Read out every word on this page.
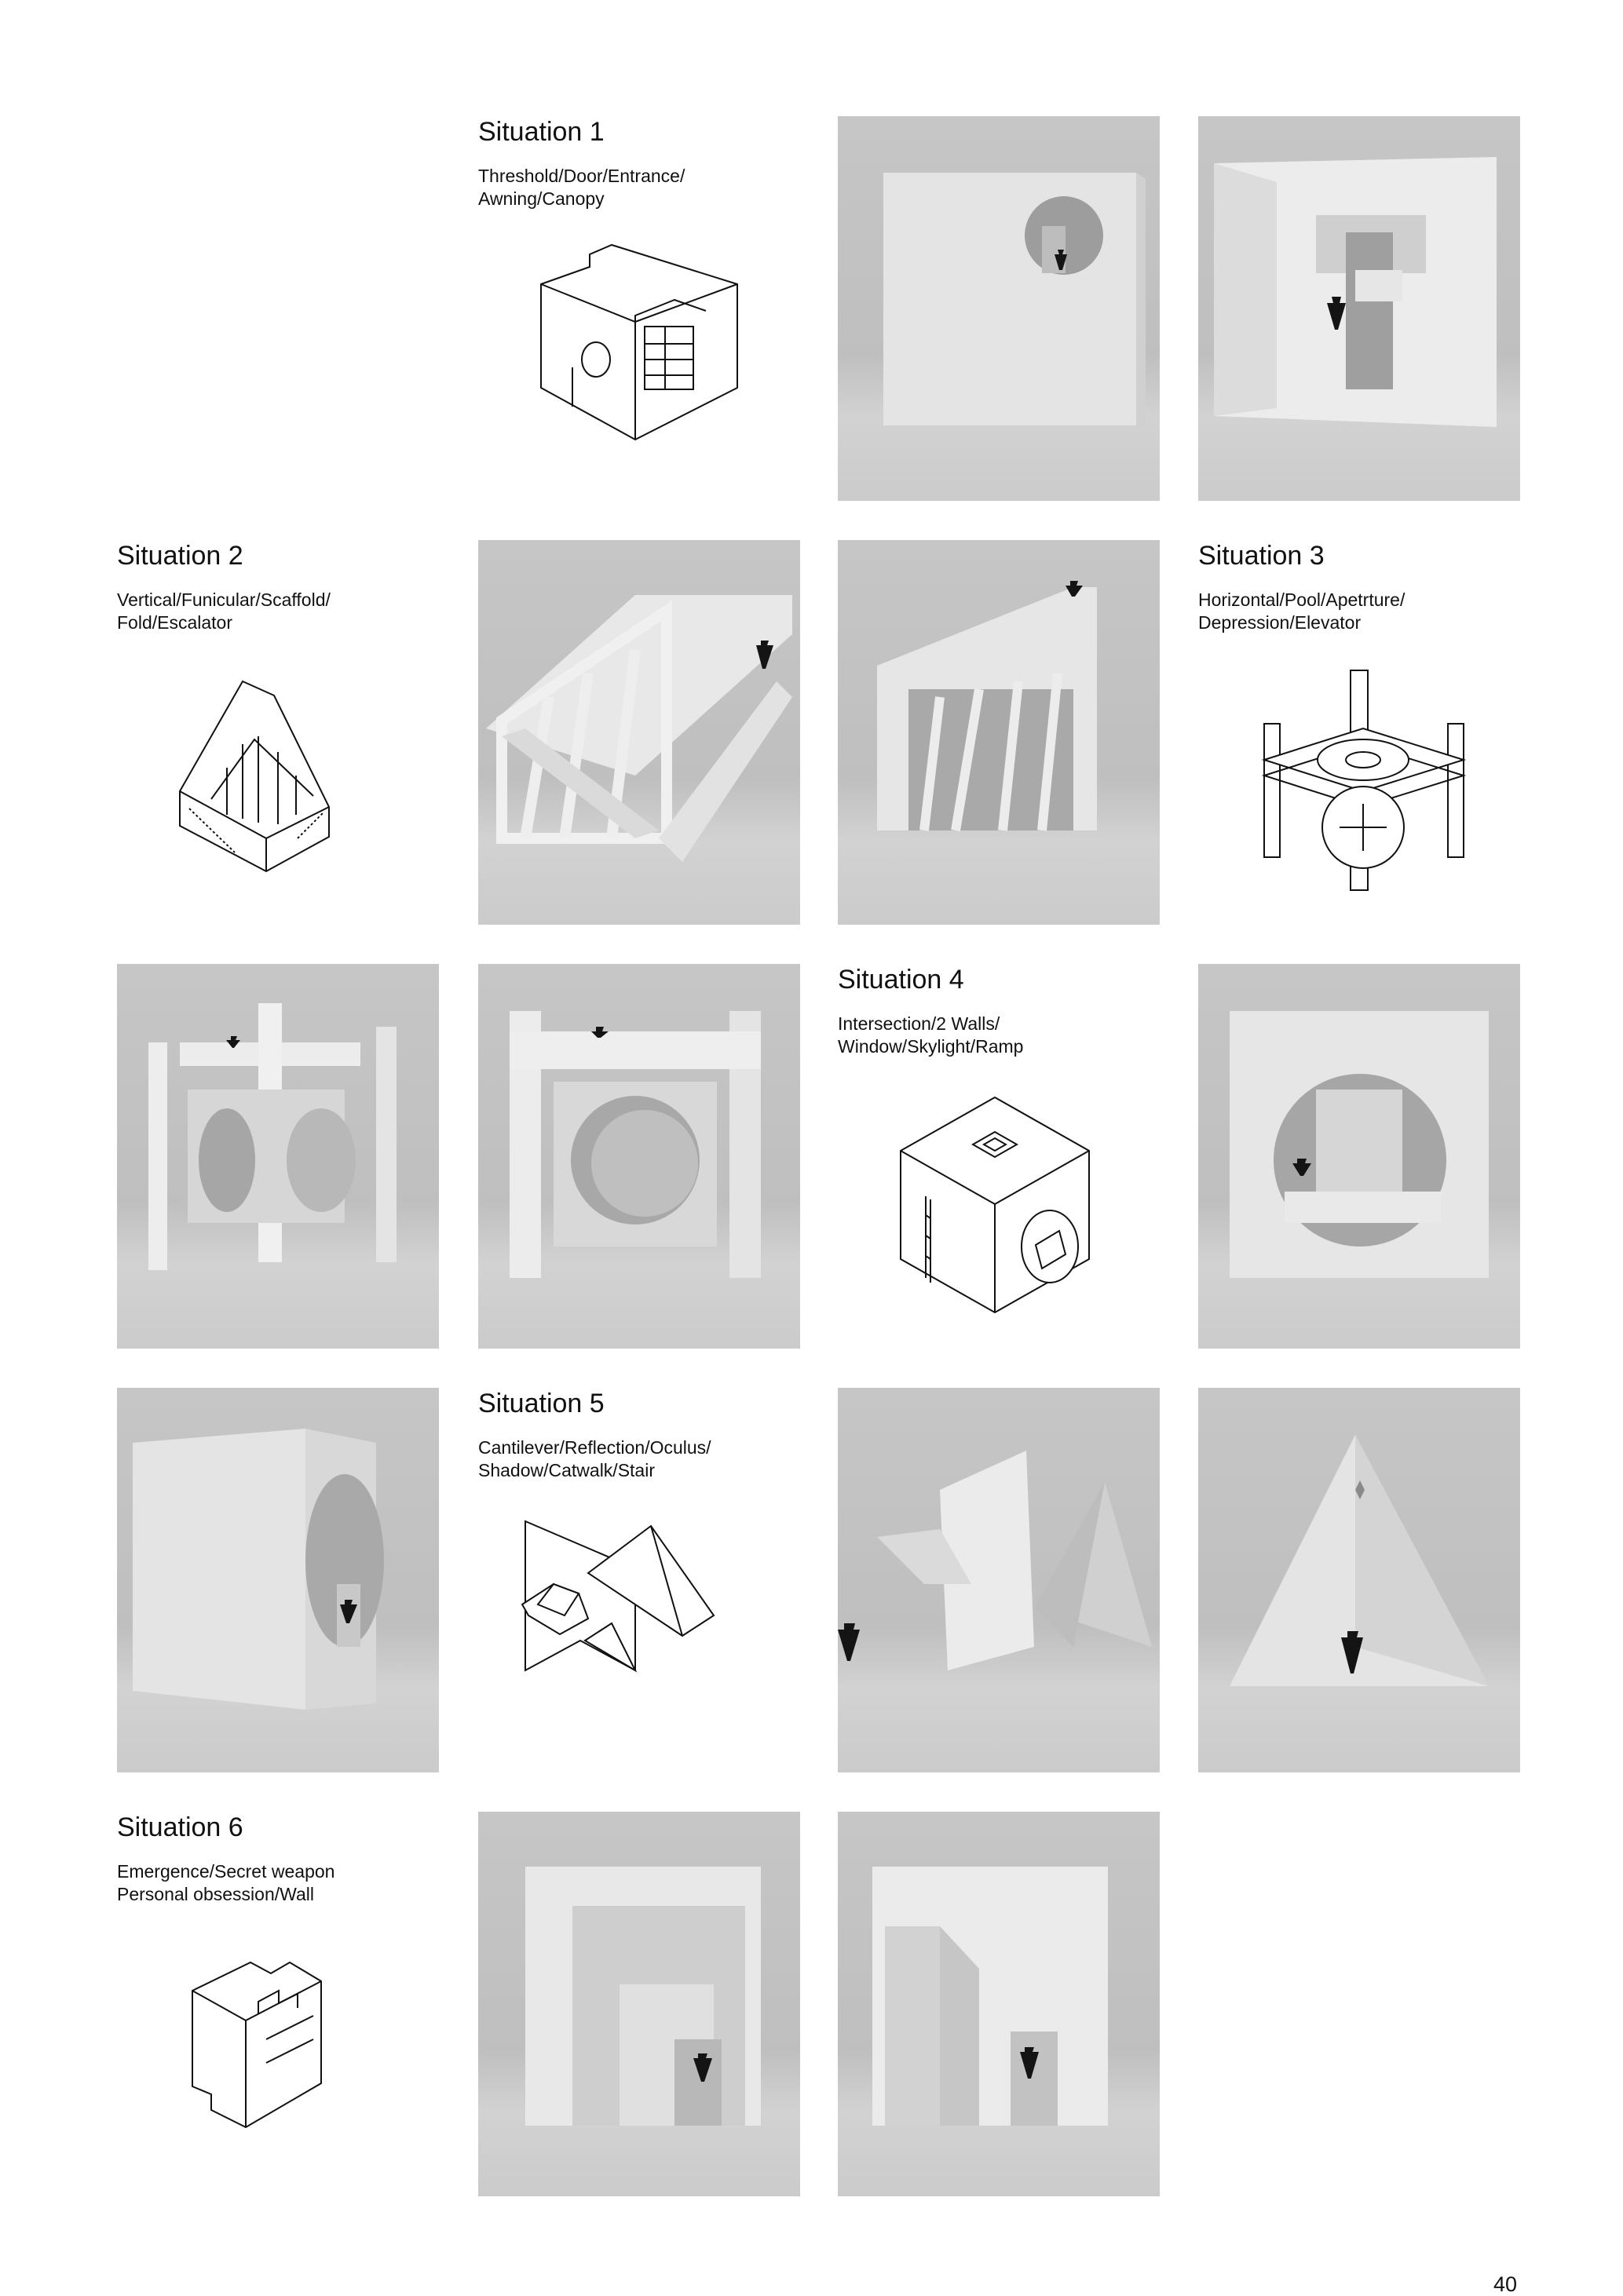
Situation 1

Threshold/Door/Entrance/
Awning/Canopy

Situation 2

Vertical/Funicular/Scaffold/
Fold/Escalator

Situation 3

Horizontal/Pool/Apetrture/
Depression/Elevator

Situation 4

Intersection/2 Walls/
Window/Skylight/Ramp

Situation 5

Cantilever/Reflection/Oculus/
Shadow/Catwalk/Stair

Situation 6

Emergence/Secret weapon
Personal obsession/Wall

40
